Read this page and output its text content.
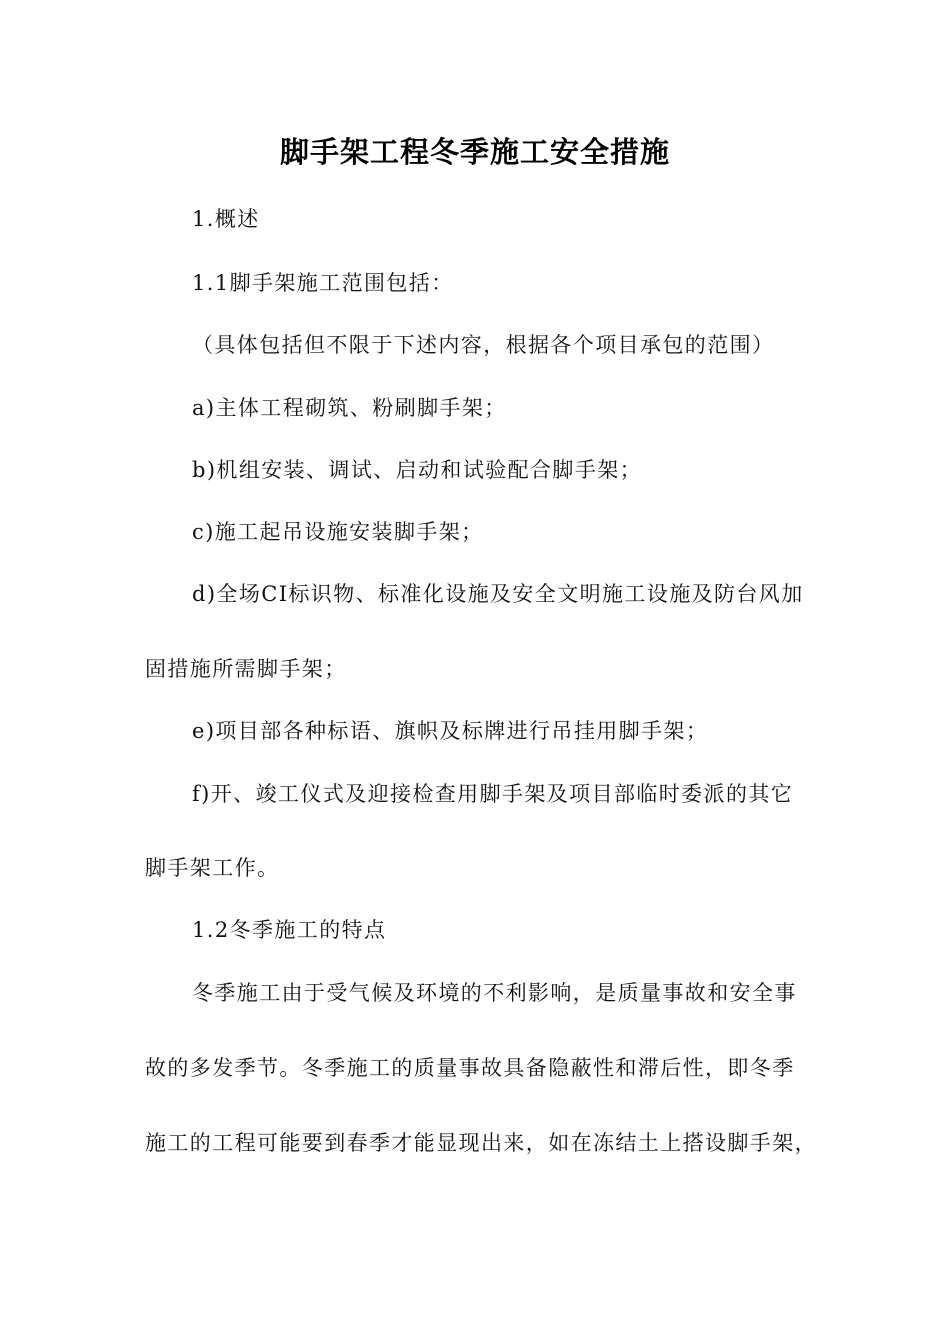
脚手架工程冬季施工安全措施
1.概述
1.1脚手架施工范围包括：
（具体包括但不限于下述内容，根据各个项目承包的范围）
a)主体工程砌筑、粉刷脚手架；
b)机组安装、调试、启动和试验配合脚手架；
c)施工起吊设施安装脚手架；
d)全场CI标识物、标准化设施及安全文明施工设施及防台风加
固措施所需脚手架；
e)项目部各种标语、旗帜及标牌进行吊挂用脚手架；
f)开、竣工仪式及迎接检查用脚手架及项目部临时委派的其它
脚手架工作。
1.2冬季施工的特点
冬季施工由于受气候及环境的不利影响，是质量事故和安全事
故的多发季节。冬季施工的质量事故具备隐蔽性和滞后性，即冬季
施工的工程可能要到春季才能显现出来，如在冻结土上搭设脚手架，
